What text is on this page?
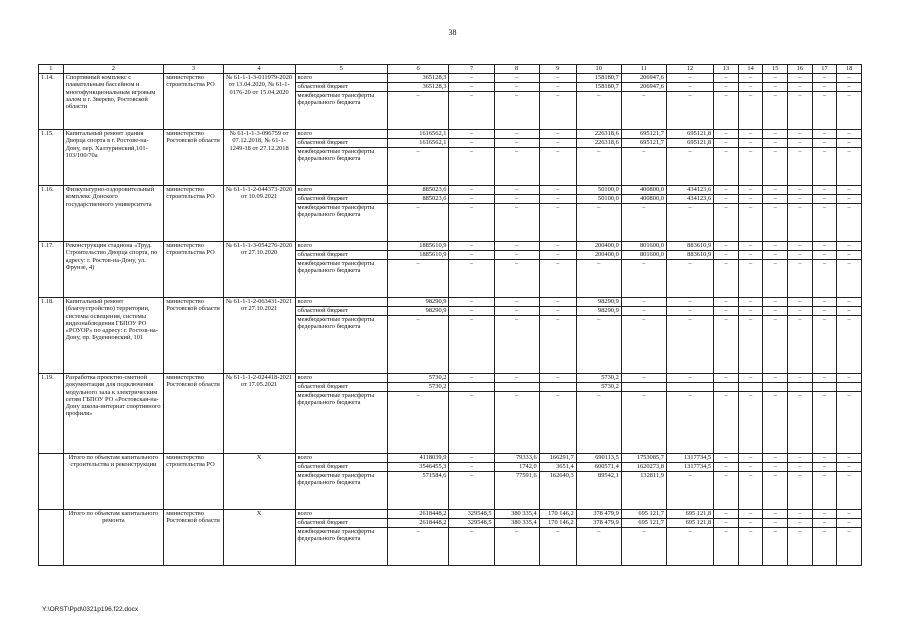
38
1	2	3	4	5	6	7	8	9	10	11	12	13	14	15	16	17	18
1.14.	Спортивный комплекс с плавательным бассейном и многофункциональным игровым залом в г. Зверево, Ростовской области	министерство строительства РО	№ 61-1-1-3-011979-2020 от 13.04.2020, № 61-1-0176-20 от 15.04.2020	всего	365128,3	–	–	–	158180,7	206947,6	–	–	–	–	–	–	–
				областной бюджет	365128,3	–	–	–	158180,7	206947,6	–	–	–	–	–	–	–
				межбюджетные трансферты федерального бюджета	–	–	–	–	–	–	–	–	–	–	–	–	–
1.15.	Капитальный ремонт здания Дворца спорта в г. Ростове-на-Дону, пер. Халтуринский,101-103/100/70а	министерство Ростовской области	№ 61-1-1-3-096759 от 07.12.2018, № 61-1-1249-18 от 27.12.2018	всего	1616562,1	–	–	–	226318,6	695121,7	695121,8	–	–	–	–	–	–
				областной бюджет	1616562,1	–	–	–	226318,6	695121,7	695121,8	–	–	–	–	–	–
				межбюджетные трансферты федерального бюджета	–	–	–	–	–	–	–	–	–	–	–	–	–
1.16.	Физкультурно-оздоровительный комплекс Донского государственного университета	министерство строительства РО	№ 61-1-1-2-044373-2020 от 10.09.2021	всего	885023,6	–	–	–	50100,0	400800,0	434123,6	–	–	–	–	–	–
				областной бюджет	885023,6	–	–	–	50100,0	400800,0	434123,6	–	–	–	–	–	–
				межбюджетные трансферты федерального бюджета	–	–	–	–	–	–	–	–	–	–	–	–	–
1.17.	Реконструкция стадиона «Труд. Строительство Дворца спорта, по адресу: г. Ростов-на-Дону, ул. Фрунзе, 4)	министерство строительства РО	№ 61-1-1-3-054276-2020 от 27.10.2020	всего	1885610,9	–	–	–	200400,0	801600,0	883610,9	–	–	–	–	–	–
				областной бюджет	1885610,9	–	–	–	200400,0	801600,0	883610,9	–	–	–	–	–	–
				межбюджетные трансферты федерального бюджета	–	–	–	–	–	–	–	–	–	–	–	–	–
1.18.	Капитальный ремонт (благоустройство) территории, системы освещения, системы видеонаблюдения ГБПОУ РО «РОУОР» по адресу: г. Ростов-на-Дону, пр. Буденновский, 101	министерство Ростовской области	№ 61-1-1-2-063431-2021 от 27.10.2021	всего	98290,9	–	–	–	98290,9	–	–	–	–	–	–	–	–
				областной бюджет	98290,9	–	–	–	98290,9	–	–	–	–	–	–	–	–
				межбюджетные трансферты федерального бюджета	–	–	–	–	–	–	–	–	–	–	–	–	–
1.19.	Разработка проектно-сметной документации для подключения модульного зала к электрическим сетям ГБПОУ РО «Ростовская-на-Дону школа-интернат спортивного профиля»	министерство Ростовской области	№ 61-1-1-2-024418-2021 от 17.05.2021	всего	5730,2	–	–	–	5730,2	–	–	–	–	–	–	–	–
				областной бюджет	5730,2				5730,2								
				межбюджетные трансферты федерального бюджета	–	–	–	–	–	–	–	–	–	–	–	–	–
	Итого по объектам капитального строительства и реконструкции	министерство строительства РО	Х	всего	4118039,9	–	79333,6	166291,7	690113,5	1753085,7	1317734,5	–	–	–	–	–	–
				областной бюджет	3546455,3	–	1742,0	3651,4	600571,4	1620273,8	1317734,5	–	–	–	–	–	–
				межбюджетные трансферты федерального бюджета	571584,6	–	77591,6	162640,3	89542,1	132811,9	–	–	–	–	–	–	–
	Итого по объектам капитального ремонта	министерство Ростовской области	Х	всего	2618448,2	329548,5	380 335,4	170 146,2	378 479,9	695 121,7	695 121,8	–	–	–	–	–	–
				областной бюджет	2618448,2	329548,5	380 335,4	170 146,2	378 479,9	695 121,7	695 121,8	–	–	–	–	–	–
				межбюджетные трансферты федерального бюджета	–	–	–	–	–	–	–	–	–	–	–	–	–
Y:\ORST\Ppd\0321p196.f22.docx
